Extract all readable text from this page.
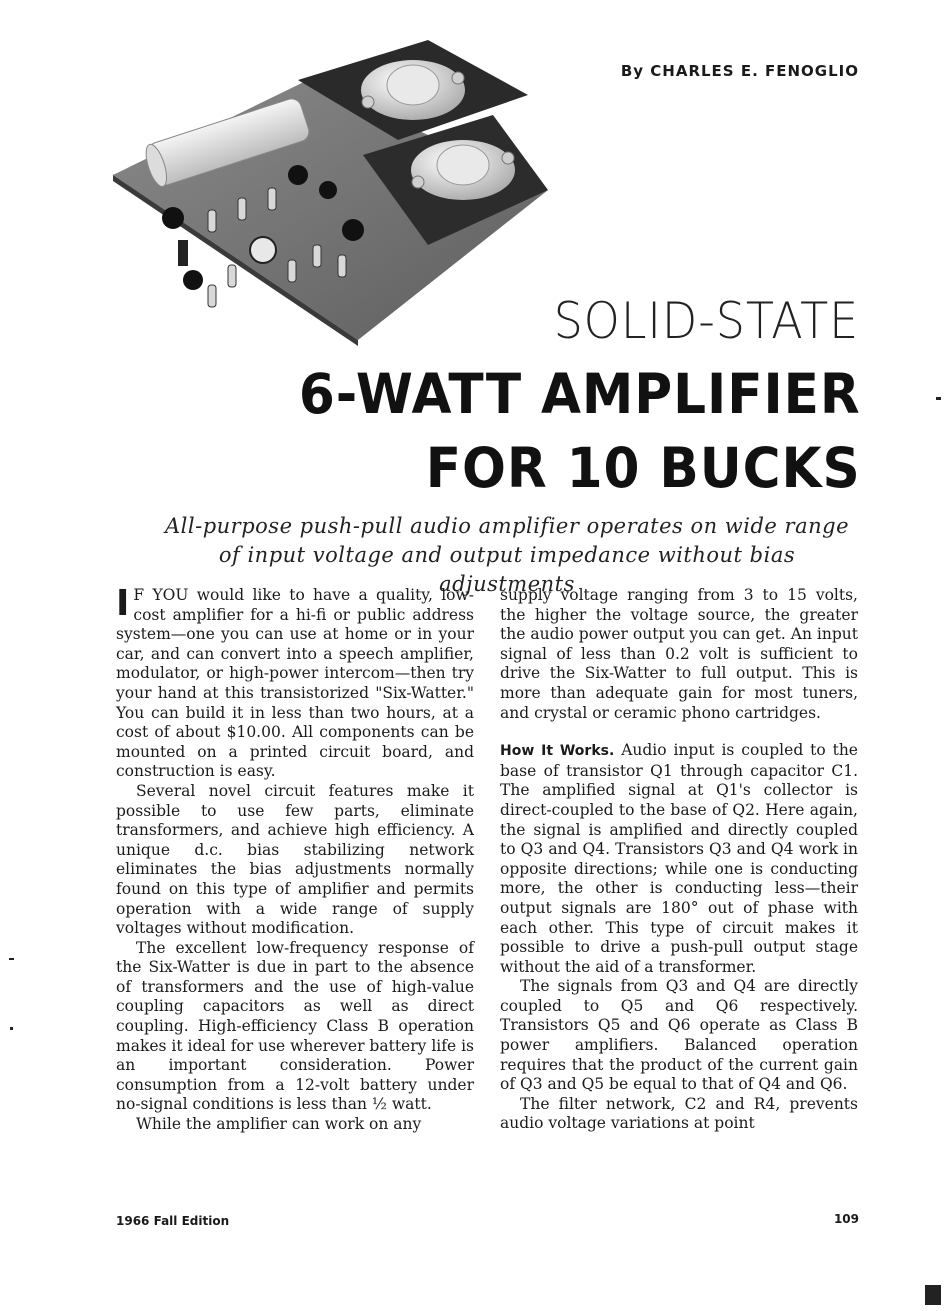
By CHARLES E. FENOGLIO
SOLID-STATE
6-WATT AMPLIFIER
FOR 10 BUCKS
All-purpose push-pull audio amplifier operates on wide range of input voltage and output impedance without bias adjustments

I F YOU would like to have a quality, low-cost amplifier for a hi-fi or public address system—one you can use at home or in your car, and can convert into a speech amplifier, modulator, or high-power intercom—then try your hand at this transistorized "Six-Watter." You can build it in less than two hours, at a cost of about $10.00. All components can be mounted on a printed circuit board, and construction is easy.

Several novel circuit features make it possible to use few parts, eliminate transformers, and achieve high efficiency. A unique d.c. bias stabilizing network eliminates the bias adjustments normally found on this type of amplifier and permits operation with a wide range of supply voltages without modification.

The excellent low-frequency response of the Six-Watter is due in part to the absence of transformers and the use of high-value coupling capacitors as well as direct coupling. High-efficiency Class B operation makes it ideal for use wherever battery life is an important consideration. Power consumption from a 12-volt battery under no-signal conditions is less than ½ watt.

While the amplifier can work on any

supply voltage ranging from 3 to 15 volts, the higher the voltage source, the greater the audio power output you can get. An input signal of less than 0.2 volt is sufficient to drive the Six-Watter to full output. This is more than adequate gain for most tuners, and crystal or ceramic phono cartridges.

How It Works. Audio input is coupled to the base of transistor Q1 through capacitor C1. The amplified signal at Q1's collector is direct-coupled to the base of Q2. Here again, the signal is amplified and directly coupled to Q3 and Q4. Transistors Q3 and Q4 work in opposite directions; while one is conducting more, the other is conducting less—their output signals are 180° out of phase with each other. This type of circuit makes it possible to drive a push-pull output stage without the aid of a transformer.

The signals from Q3 and Q4 are directly coupled to Q5 and Q6 respectively. Transistors Q5 and Q6 operate as Class B power amplifiers. Balanced operation requires that the product of the current gain of Q3 and Q5 be equal to that of Q4 and Q6.

The filter network, C2 and R4, prevents audio voltage variations at point

1966 Fall Edition	109
